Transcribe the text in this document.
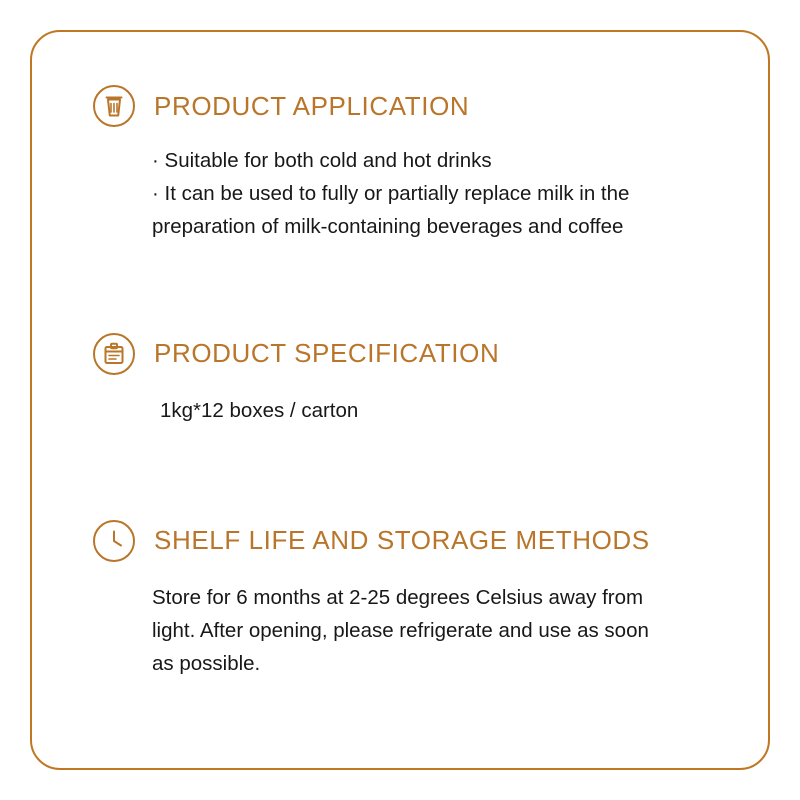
PRODUCT APPLICATION
· Suitable for both cold and hot drinks
· It can be used to fully or partially replace milk in the
preparation of milk-containing beverages and coffee
PRODUCT SPECIFICATION
1kg*12 boxes / carton
SHELF LIFE AND STORAGE METHODS
Store for 6 months at 2-25 degrees Celsius away from
light. After opening, please refrigerate and use as soon
as possible.
